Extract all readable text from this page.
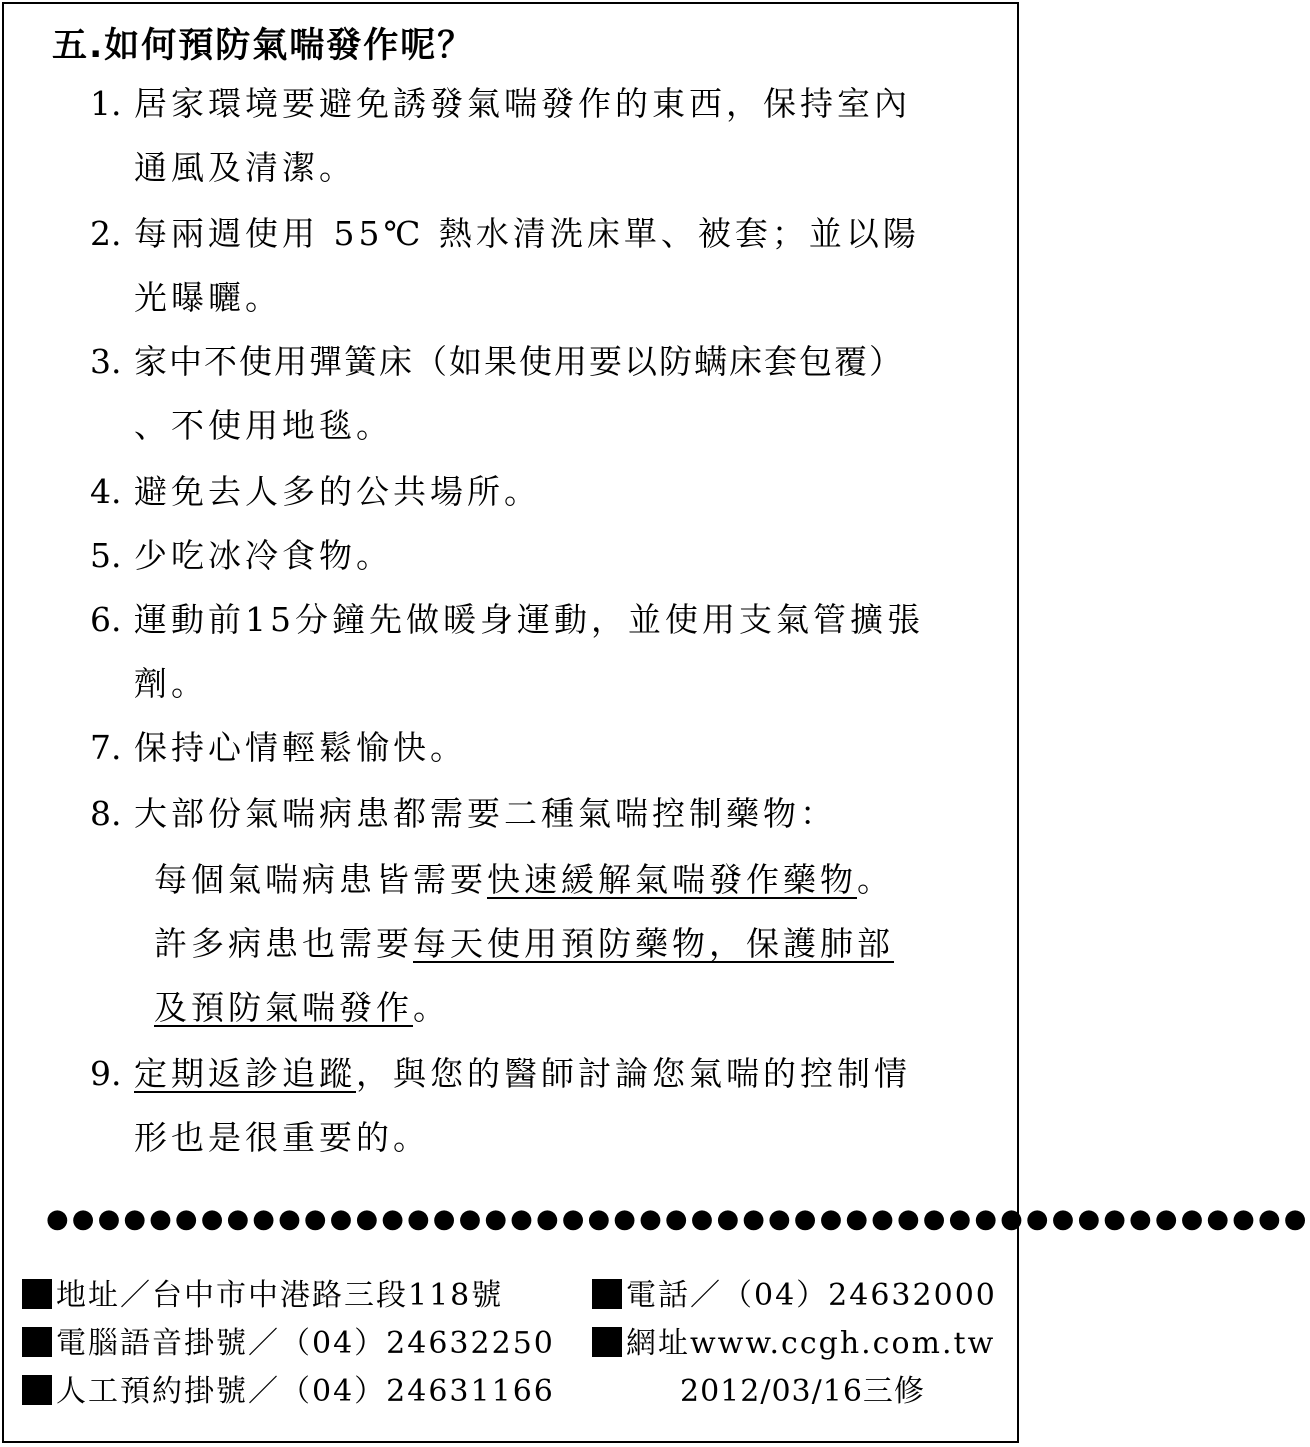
五.如何預防氣喘發作呢？
1. 居家環境要避免誘發氣喘發作的東西，保持室內
通風及清潔。
2. 每兩週使用 55℃ 熱水清洗床單、被套；並以陽
光曝曬。
3. 家中不使用彈簧床（如果使用要以防螨床套包覆）
、不使用地毯。
4. 避免去人多的公共場所。
5. 少吃冰冷食物。
6. 運動前15分鐘先做暖身運動，並使用支氣管擴張
劑。
7. 保持心情輕鬆愉快。
8. 大部份氣喘病患都需要二種氣喘控制藥物：
每個氣喘病患皆需要快速緩解氣喘發作藥物。
許多病患也需要每天使用預防藥物，保護肺部
及預防氣喘發作。
9. 定期返診追蹤，與您的醫師討論您氣喘的控制情
形也是很重要的。
●●●●●●●●●●●●●●●●●●●●●●●●●●●●●●●●●●●●●●●●●●●●●●●●●
地址／台中市中港路三段118號	電話／（04）24632000
電腦語音掛號／（04）24632250	網址www.ccgh.com.tw
人工預約掛號／（04）24631166	2012/03/16三修
